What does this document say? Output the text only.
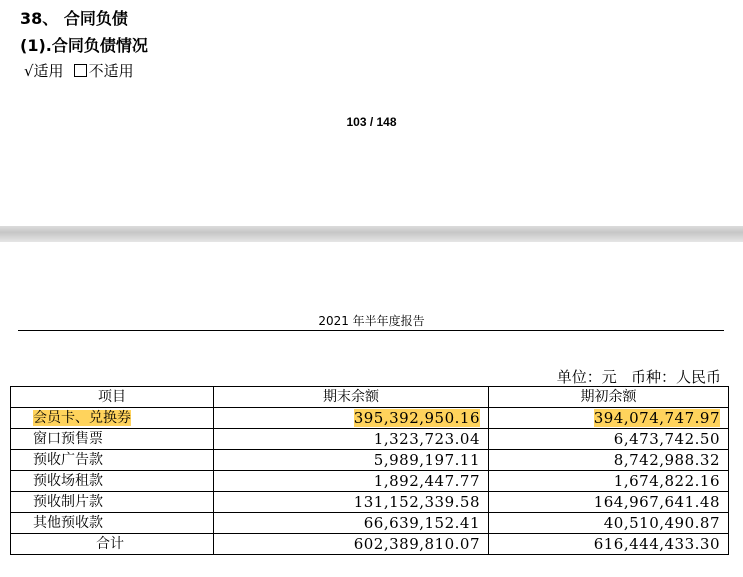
38、 合同负债
(1).合同负债情况
√适用 不适用
103 / 148
2021 年半年度报告
单位：元   币种：人民币
项目	期末余额	期初余额
会员卡、兑换券	395,392,950.16	394,074,747.97
窗口预售票	1,323,723.04	6,473,742.50
预收广告款	5,989,197.11	8,742,988.32
预收场租款	1,892,447.77	1,674,822.16
预收制片款	131,152,339.58	164,967,641.48
其他预收款	66,639,152.41	40,510,490.87
合计	602,389,810.07	616,444,433.30
